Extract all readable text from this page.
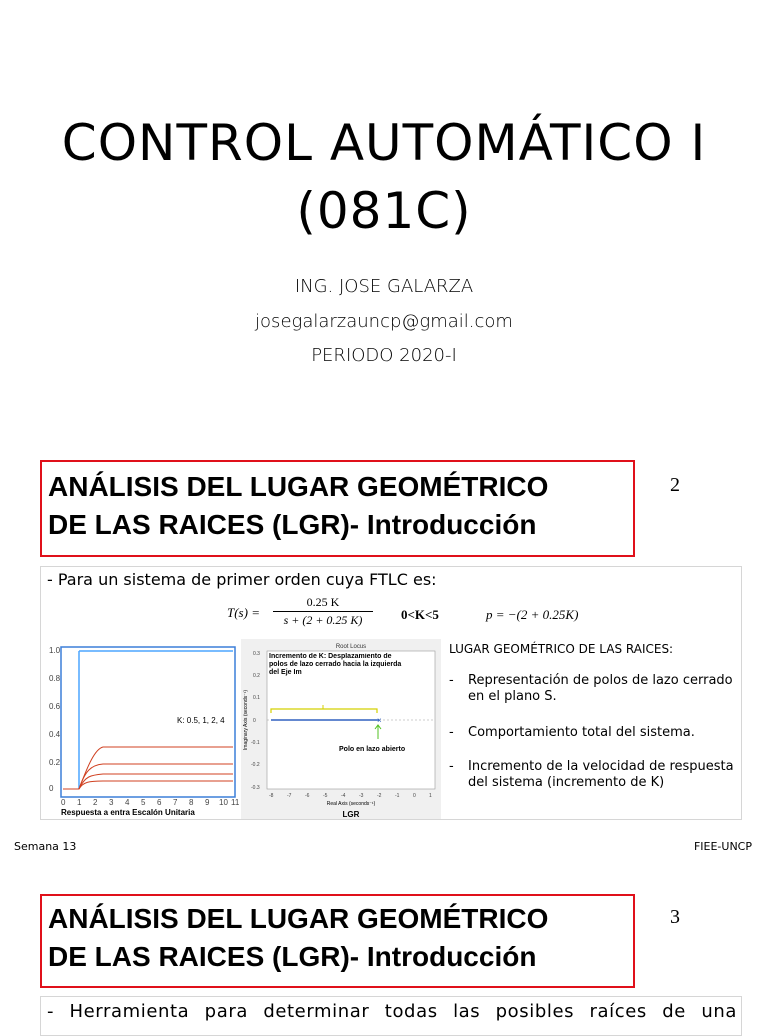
CONTROL AUTOMÁTICO I
(081C)
ING. JOSE GALARZA
josegalarzauncp@gmail.com
PERIODO 2020-I
ANÁLISIS DEL LUGAR GEOMÉTRICO
DE LAS RAICES (LGR)- Introducción
2
- Para un sistema de primer orden cuya FTLC es:
T(s) =
0.25 K
s + (2 + 0.25 K)	0<K<5	p = −(2 + 0.25K)
K: 0.5, 1, 2, 4
1.0
0.8
0.6
0.4
0.2
0
0 1 2 3 4 5 6 7 8 9 10 11
Respuesta a entra Escalón Unitaria
Root Locus
×
Incremento de K: Desplazamiento de polos de lazo cerrado hacia la izquierda del Eje Im
Polo en lazo abierto
0.3
0.2
0.1
0
-0.1
-0.2
-0.3
-8	-7	-6	-5	-4	-3	-2	-1	0	1
Real Axis (seconds⁻¹)
Imaginary Axis (seconds⁻¹)
LGR
LUGAR GEOMÉTRICO DE LAS RAICES:
-	Representación de polos de lazo cerrado en el plano S.
-	Comportamiento total del sistema.
-	Incremento de la velocidad de respuesta del sistema (incremento de K)
Semana 13	FIEE-UNCP
ANÁLISIS DEL LUGAR GEOMÉTRICO
DE LAS RAICES (LGR)- Introducción
3
- Herramienta para determinar todas las posibles raíces de una
